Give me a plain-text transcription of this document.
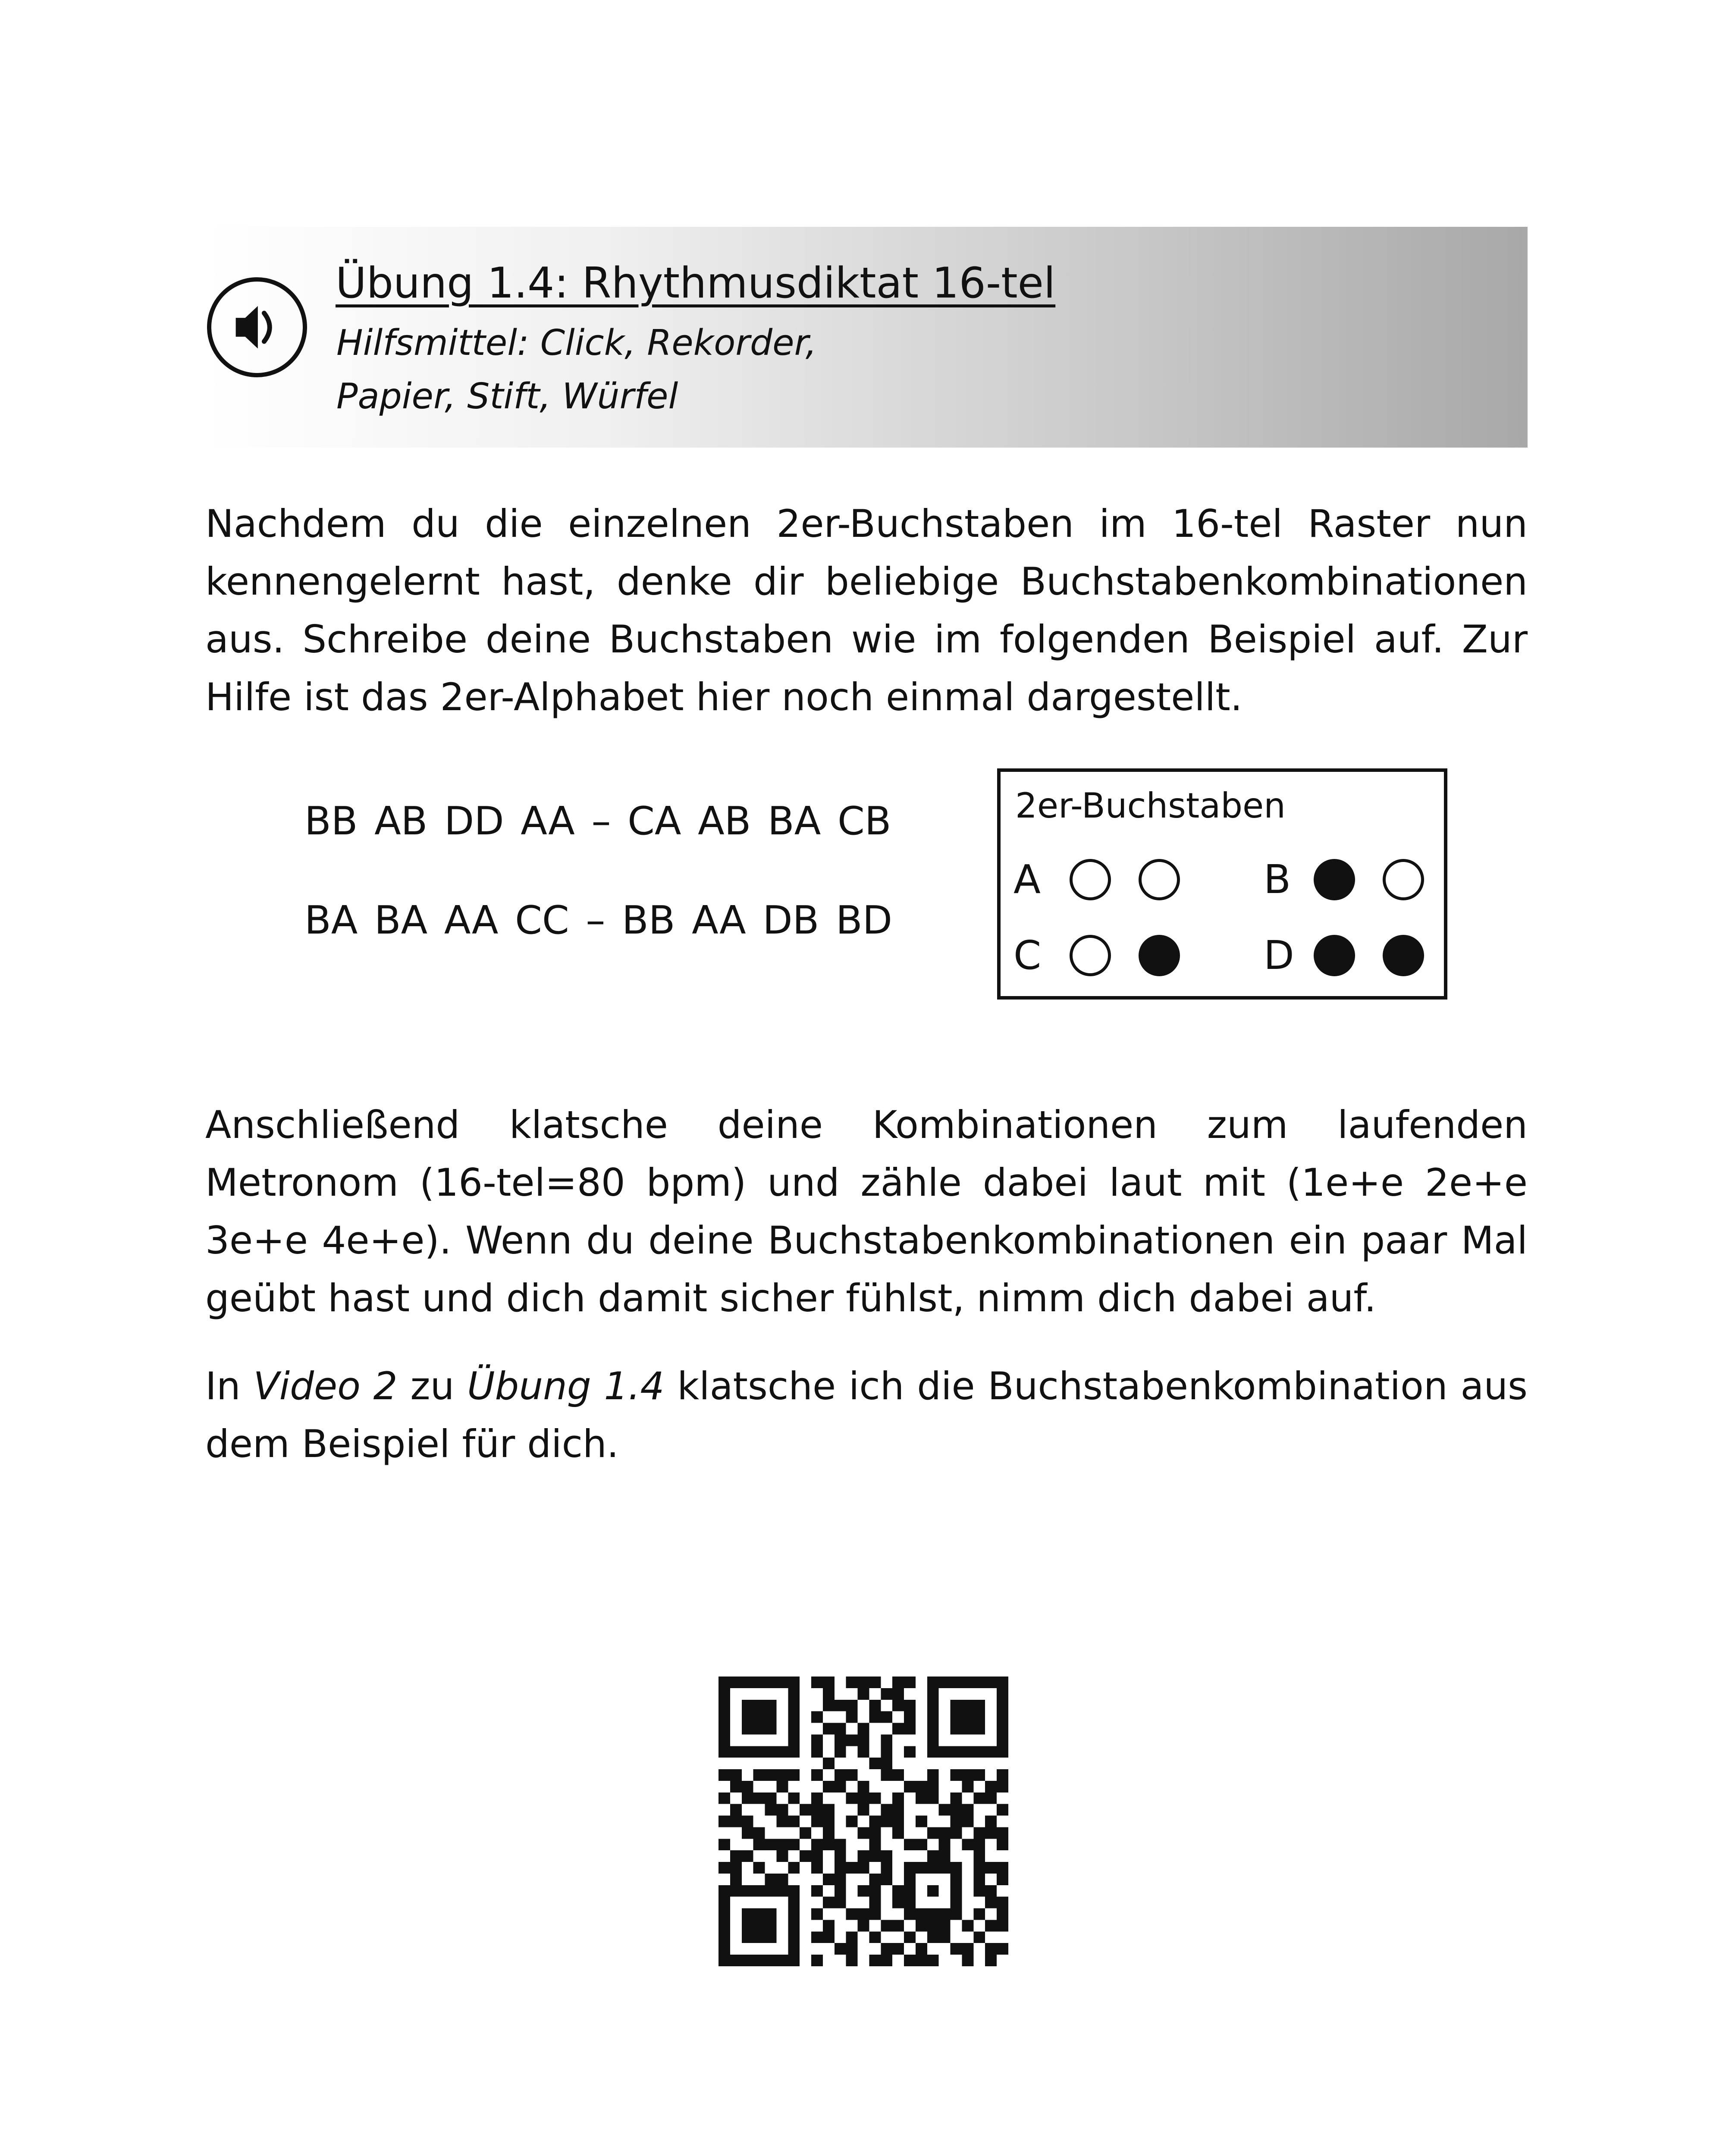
Übung 1.4: Rhythmusdiktat 16-tel
Hilfsmittel: Click, Rekorder,
Papier, Stift, Würfel

Nachdem du die einzelnen 2er-Buchstaben im 16-tel Raster nun kennengelernt hast, denke dir beliebige Buchstabenkombinationen aus. Schreibe deine Buchstaben wie im folgenden Beispiel auf. Zur Hilfe ist das 2er-Alphabet hier noch einmal dargestellt.

BB AB DD AA – CA AB BA CB
BA BA AA CC – BB AA DB BD
2er-Buchstaben
A	B
C	D

Anschließend klatsche deine Kombinationen zum laufenden Metronom (16-tel=80 bpm) und zähle dabei laut mit (1e+e 2e+e 3e+e 4e+e). Wenn du deine Buchstabenkombinationen ein paar Mal geübt hast und dich damit sicher fühlst, nimm dich dabei auf.

In Video 2 zu Übung 1.4 klatsche ich die Buchstabenkombination aus dem Beispiel für dich.
